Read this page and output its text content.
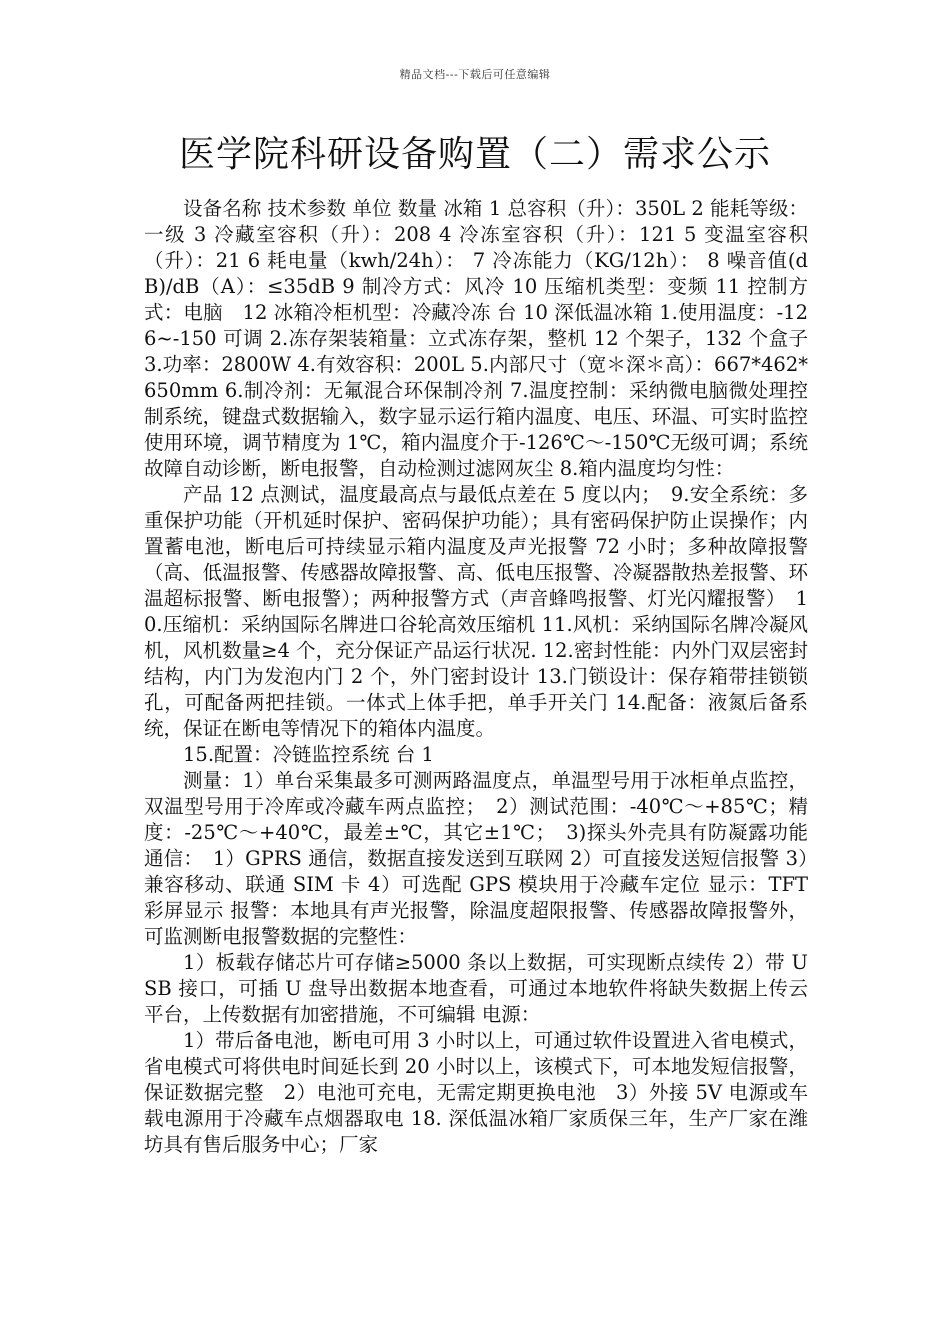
精品文档---下载后可任意编辑
医学院科研设备购置（二）需求公示

设备名称 技术参数 单位 数量 冰箱 1 总容积（升）：350L 2 能耗等级：一级 3 冷藏室容积（升）：208 4 冷冻室容积（升）：121 5 变温室容积（升）：21 6 耗电量（kwh/24h）： 7 冷冻能力（KG/12h）： 8 噪音值(dB)/dB（A）：≤35dB 9 制冷方式：风冷 10 压缩机类型：变频 11 控制方式：电脑　12 冰箱冷柜机型：冷藏冷冻 台 10 深低温冰箱 1.使用温度：-126~-150 可调 2.冻存架装箱量：立式冻存架，整机 12 个架子，132 个盒子 3.功率：2800W 4.有效容积：200L 5.内部尺寸（宽＊深＊高）：667*462*650mm 6.制冷剂：无氟混合环保制冷剂 7.温度控制：采纳微电脑微处理控制系统，键盘式数据输入，数字显示运行箱内温度、电压、环温、可实时监控使用环境，调节精度为 1℃，箱内温度介于-126℃～-150℃无级可调；系统故障自动诊断，断电报警，自动检测过滤网灰尘 8.箱内温度均匀性：

产品 12 点测试，温度最高点与最低点差在 5 度以内；　9.安全系统：多重保护功能（开机延时保护、密码保护功能）；具有密码保护防止误操作；内置蓄电池，断电后可持续显示箱内温度及声光报警 72 小时；多种故障报警（高、低温报警、传感器故障报警、高、低电压报警、冷凝器散热差报警、环温超标报警、断电报警）；两种报警方式（声音蜂鸣报警、灯光闪耀报警）　10.压缩机：采纳国际名牌进口谷轮高效压缩机 11.风机：采纳国际名牌冷凝风机，风机数量≥4 个，充分保证产品运行状况. 12.密封性能：内外门双层密封结构，内门为发泡内门 2 个，外门密封设计 13.门锁设计：保存箱带挂锁锁孔，可配备两把挂锁。一体式上体手把，单手开关门 14.配备：液氮后备系统，保证在断电等情况下的箱体内温度。

15.配置：冷链监控系统 台 1

测量：1）单台采集最多可测两路温度点，单温型号用于冰柜单点监控，双温型号用于冷库或冷藏车两点监控；　2）测试范围：-40℃～+85℃；精度：-25℃～+40℃，最差±℃，其它±1℃；　3)探头外壳具有防凝露功能 通信：　1）GPRS 通信，数据直接发送到互联网 2）可直接发送短信报警 3）兼容移动、联通 SIM 卡 4）可选配 GPS 模块用于冷藏车定位 显示：TFT 彩屏显示 报警：本地具有声光报警，除温度超限报警、传感器故障报警外，可监测断电报警数据的完整性：

1）板载存储芯片可存储≥5000 条以上数据，可实现断点续传 2）带 USB 接口，可插 U 盘导出数据本地查看，可通过本地软件将缺失数据上传云平台，上传数据有加密措施，不可编辑 电源：

1）带后备电池，断电可用 3 小时以上，可通过软件设置进入省电模式，省电模式可将供电时间延长到 20 小时以上，该模式下，可本地发短信报警，保证数据完整　2）电池可充电，无需定期更换电池　3）外接 5V 电源或车载电源用于冷藏车点烟器取电 18. 深低温冰箱厂家质保三年，生产厂家在潍坊具有售后服务中心；厂家
